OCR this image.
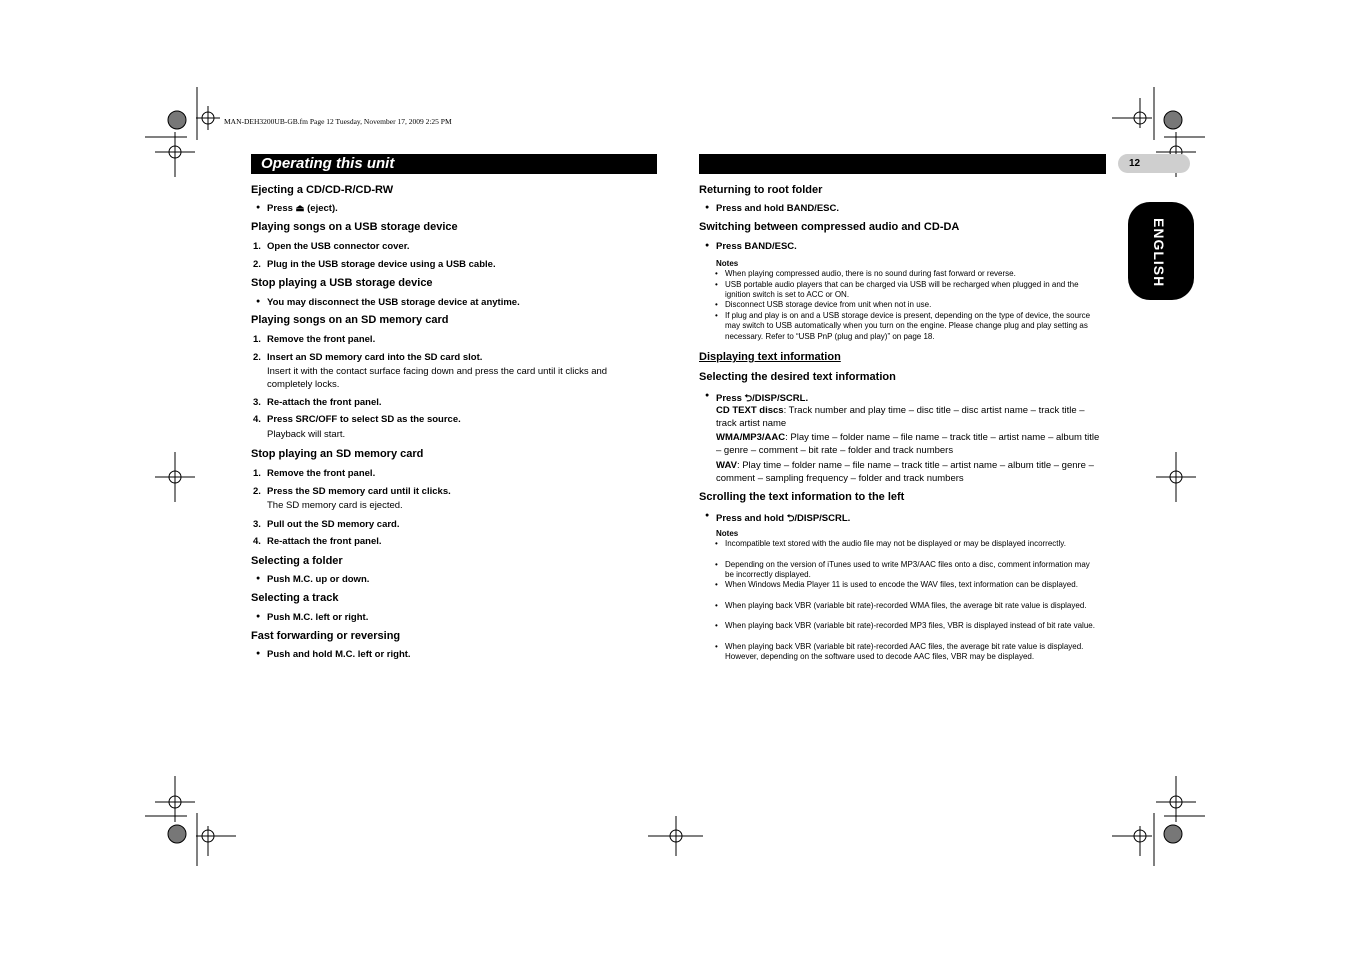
MAN-DEH3200UB-GB.fm Page 12 Tuesday, November 17, 2009 2:25 PM
Operating this unit	12
ENGLISH
Ejecting a CD/CD-R/CD-RW
● Press ⏏ (eject).
Playing songs on a USB storage device
1. Open the USB connector cover.
2. Plug in the USB storage device using a USB cable.
Stop playing a USB storage device
● You may disconnect the USB storage device at anytime.
Playing songs on an SD memory card
1. Remove the front panel.
2. Insert an SD memory card into the SD card slot.
Insert it with the contact surface facing down and press the card until it clicks and completely locks.
3. Re-attach the front panel.
4. Press SRC/OFF to select SD as the source.
Playback will start.
Stop playing an SD memory card
1. Remove the front panel.
2. Press the SD memory card until it clicks.
The SD memory card is ejected.
3. Pull out the SD memory card.
4. Re-attach the front panel.
Selecting a folder
● Push M.C. up or down.
Selecting a track
● Push M.C. left or right.
Fast forwarding or reversing
● Push and hold M.C. left or right.
Returning to root folder
● Press and hold BAND/ESC.
Switching between compressed audio and CD-DA
● Press BAND/ESC.
Notes
• When playing compressed audio, there is no sound during fast forward or reverse.
• USB portable audio players that can be charged via USB will be recharged when plugged in and the ignition switch is set to ACC or ON.
• Disconnect USB storage device from unit when not in use.
• If plug and play is on and a USB storage device is present, depending on the type of device, the source may switch to USB automatically when you turn on the engine. Please change plug and play setting as necessary. Refer to “USB PnP (plug and play)” on page 18.
Displaying text information
Selecting the desired text information
● Press ⮌/DISP/SCRL.
CD TEXT discs: Track number and play time – disc title – disc artist name – track title – track artist name
WMA/MP3/AAC: Play time – folder name – file name – track title – artist name – album title – genre – comment – bit rate – folder and track numbers
WAV: Play time – folder name – file name – track title – artist name – album title – genre – comment – sampling frequency – folder and track numbers
Scrolling the text information to the left
● Press and hold ⮌/DISP/SCRL.
Notes
• Incompatible text stored with the audio file may not be displayed or may be displayed incorrectly.
• Depending on the version of iTunes used to write MP3/AAC files onto a disc, comment information may be incorrectly displayed.
• When Windows Media Player 11 is used to encode the WAV files, text information can be displayed.
• When playing back VBR (variable bit rate)-recorded WMA files, the average bit rate value is displayed.
• When playing back VBR (variable bit rate)-recorded MP3 files, VBR is displayed instead of bit rate value.
• When playing back VBR (variable bit rate)-recorded AAC files, the average bit rate value is displayed. However, depending on the software used to decode AAC files, VBR may be displayed.
